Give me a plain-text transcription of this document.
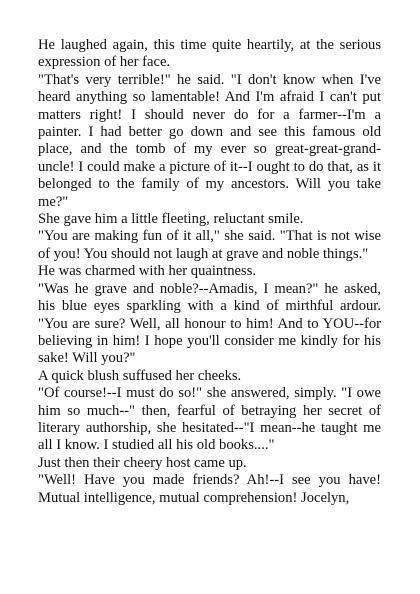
He laughed again, this time quite heartily, at the serious expression of her face.

"That's very terrible!" he said. "I don't know when I've heard anything so lamentable! And I'm afraid I can't put matters right! I should never do for a farmer--I'm a painter. I had better go down and see this famous old place, and the tomb of my ever so great-great-grand-uncle! I could make a picture of it--I ought to do that, as it belonged to the family of my ancestors. Will you take me?"

She gave him a little fleeting, reluctant smile.

"You are making fun of it all," she said. "That is not wise of you! You should not laugh at grave and noble things."

He was charmed with her quaintness.

"Was he grave and noble?--Amadis, I mean?" he asked, his blue eyes sparkling with a kind of mirthful ardour. "You are sure? Well, all honour to him! And to YOU--for believing in him! I hope you'll consider me kindly for his sake! Will you?"

A quick blush suffused her cheeks.

"Of course!--I must do so!" she answered, simply. "I owe him so much--" then, fearful of betraying her secret of literary authorship, she hesitated--"I mean--he taught me all I know. I studied all his old books...."

Just then their cheery host came up.

"Well! Have you made friends? Ah!--I see you have! Mutual intelligence, mutual comprehension! Jocelyn,
